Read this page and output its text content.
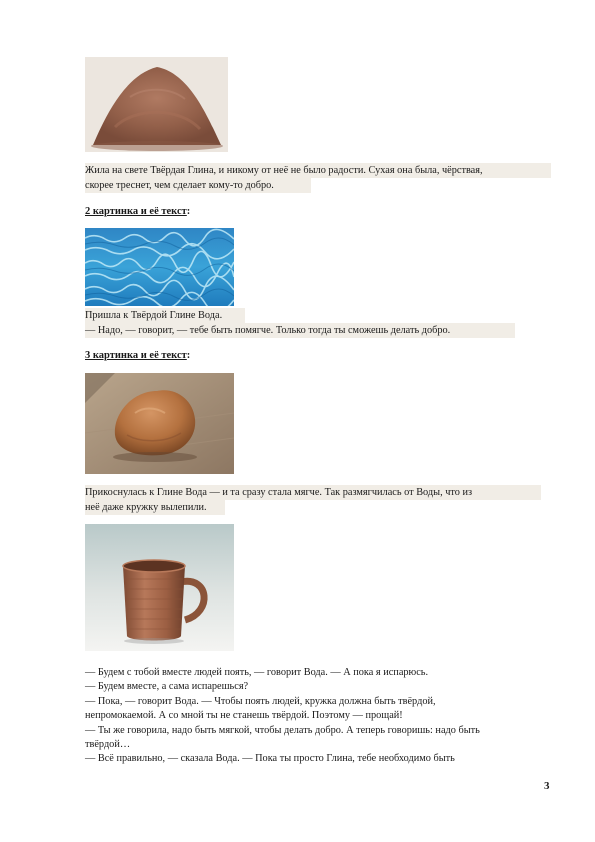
Жила на свете Твёрдая Глина, и никому от неё не было радости. Сухая она была, чёрствая,
скорее треснет, чем сделает кому-то добро.
2 картинка и её текст:
Пришла к Твёрдой Глине Вода.
— Надо, — говорит, — тебе быть помягче. Только тогда ты сможешь делать добро.
3 картинка и её текст:
Прикоснулась к Глине Вода — и та сразу стала мягче. Так размягчилась от Воды, что из
неё даже кружку вылепили.
— Будем с тобой вместе людей поять, — говорит Вода. — А пока я испарюсь.
— Будем вместе, а сама испарешься?
— Пока, — говорит Вода. — Чтобы поять людей, кружка должна быть твёрдой,
непромокаемой. А со мной ты не станешь твёрдой. Поэтому — прощай!
— Ты же говорила, надо быть мягкой, чтобы делать добро. А теперь говоришь: надо быть
твёрдой…
— Всё правильно, — сказала Вода. — Пока ты просто Глина, тебе необходимо быть
3
